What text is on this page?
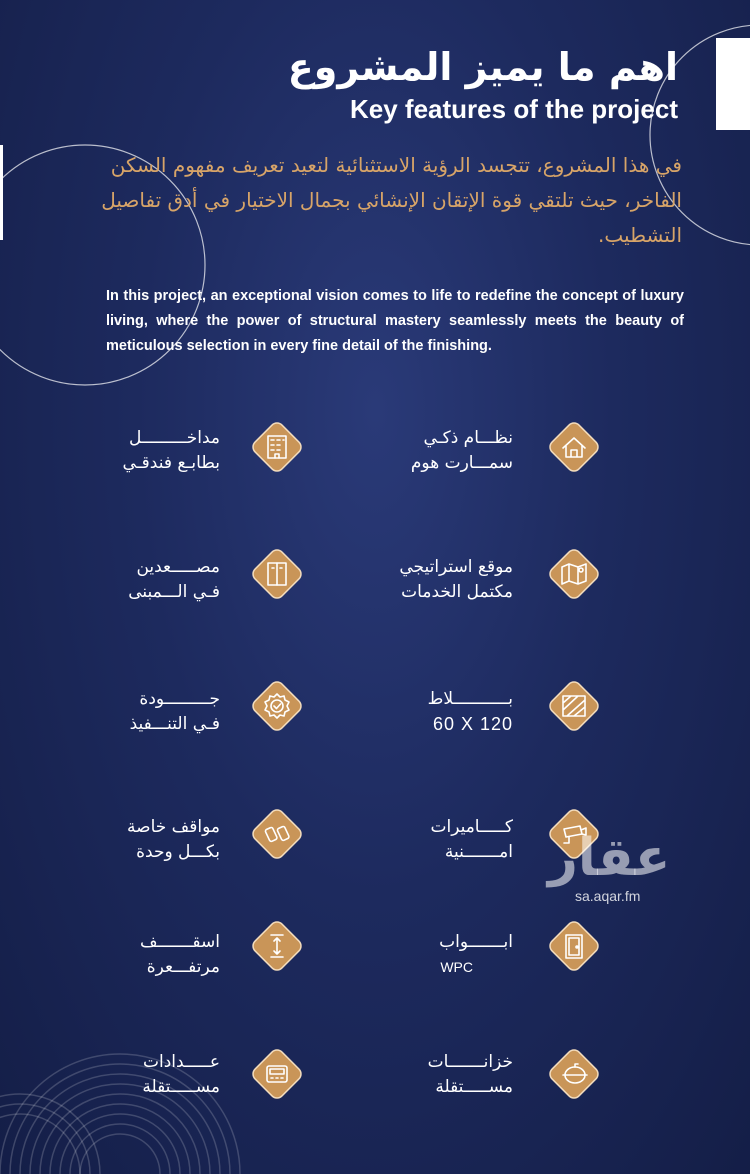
اهم ما يميز المشروع
Key features of the project
في هذا المشروع، تتجسد الرؤية الاستثنائية لتعيد تعريف مفهوم السكن الفاخر، حيث تلتقي قوة الإتقان الإنشائي بجمال الاختيار في أدق تفاصيل التشطيب.
In this project, an exceptional vision comes to life to redefine the concept of luxury living, where the power of structural mastery seamlessly meets the beauty of meticulous selection in every fine detail of the finishing.
نظـــام ذكـي
سمـــارت هوم
مداخـــــــــل
بطابـع فندقـي
موقع استراتيجي
مكتمل الخدمات
مصـــــعدين
فـي الـــمبنى
بـــــــــــلاط
60 X 120
جـــــــــودة
فـي التنـــفيذ
كـــــاميرات
امـــــــنية
مواقف خاصة
بكـــل وحدة
ابـــــــواب
WPC
اسقـــــــف
مرتفـــعرة
خزانـــــــات
مســـــتقلة
عـــــدادات
مســـــتقلة
عقار
sa.aqar.fm
